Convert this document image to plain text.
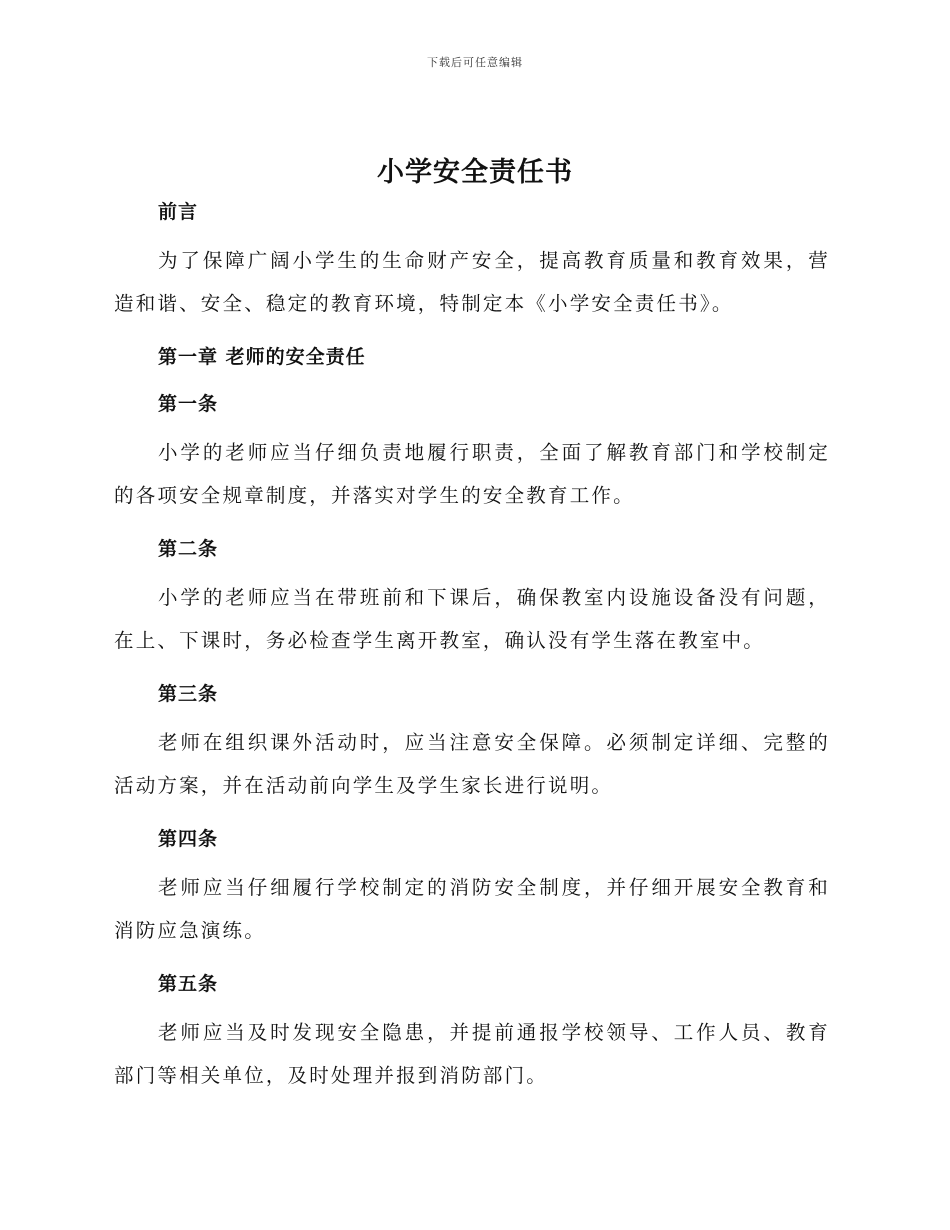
下载后可任意编辑
小学安全责任书
前言

为了保障广阔小学生的生命财产安全，提高教育质量和教育效果，营造和谐、安全、稳定的教育环境，特制定本《小学安全责任书》。

第一章 老师的安全责任
第一条

小学的老师应当仔细负责地履行职责，全面了解教育部门和学校制定的各项安全规章制度，并落实对学生的安全教育工作。

第二条

小学的老师应当在带班前和下课后，确保教室内设施设备没有问题，在上、下课时，务必检查学生离开教室，确认没有学生落在教室中。

第三条

老师在组织课外活动时，应当注意安全保障。必须制定详细、完整的活动方案，并在活动前向学生及学生家长进行说明。

第四条

老师应当仔细履行学校制定的消防安全制度，并仔细开展安全教育和消防应急演练。

第五条

老师应当及时发现安全隐患，并提前通报学校领导、工作人员、教育部门等相关单位，及时处理并报到消防部门。
